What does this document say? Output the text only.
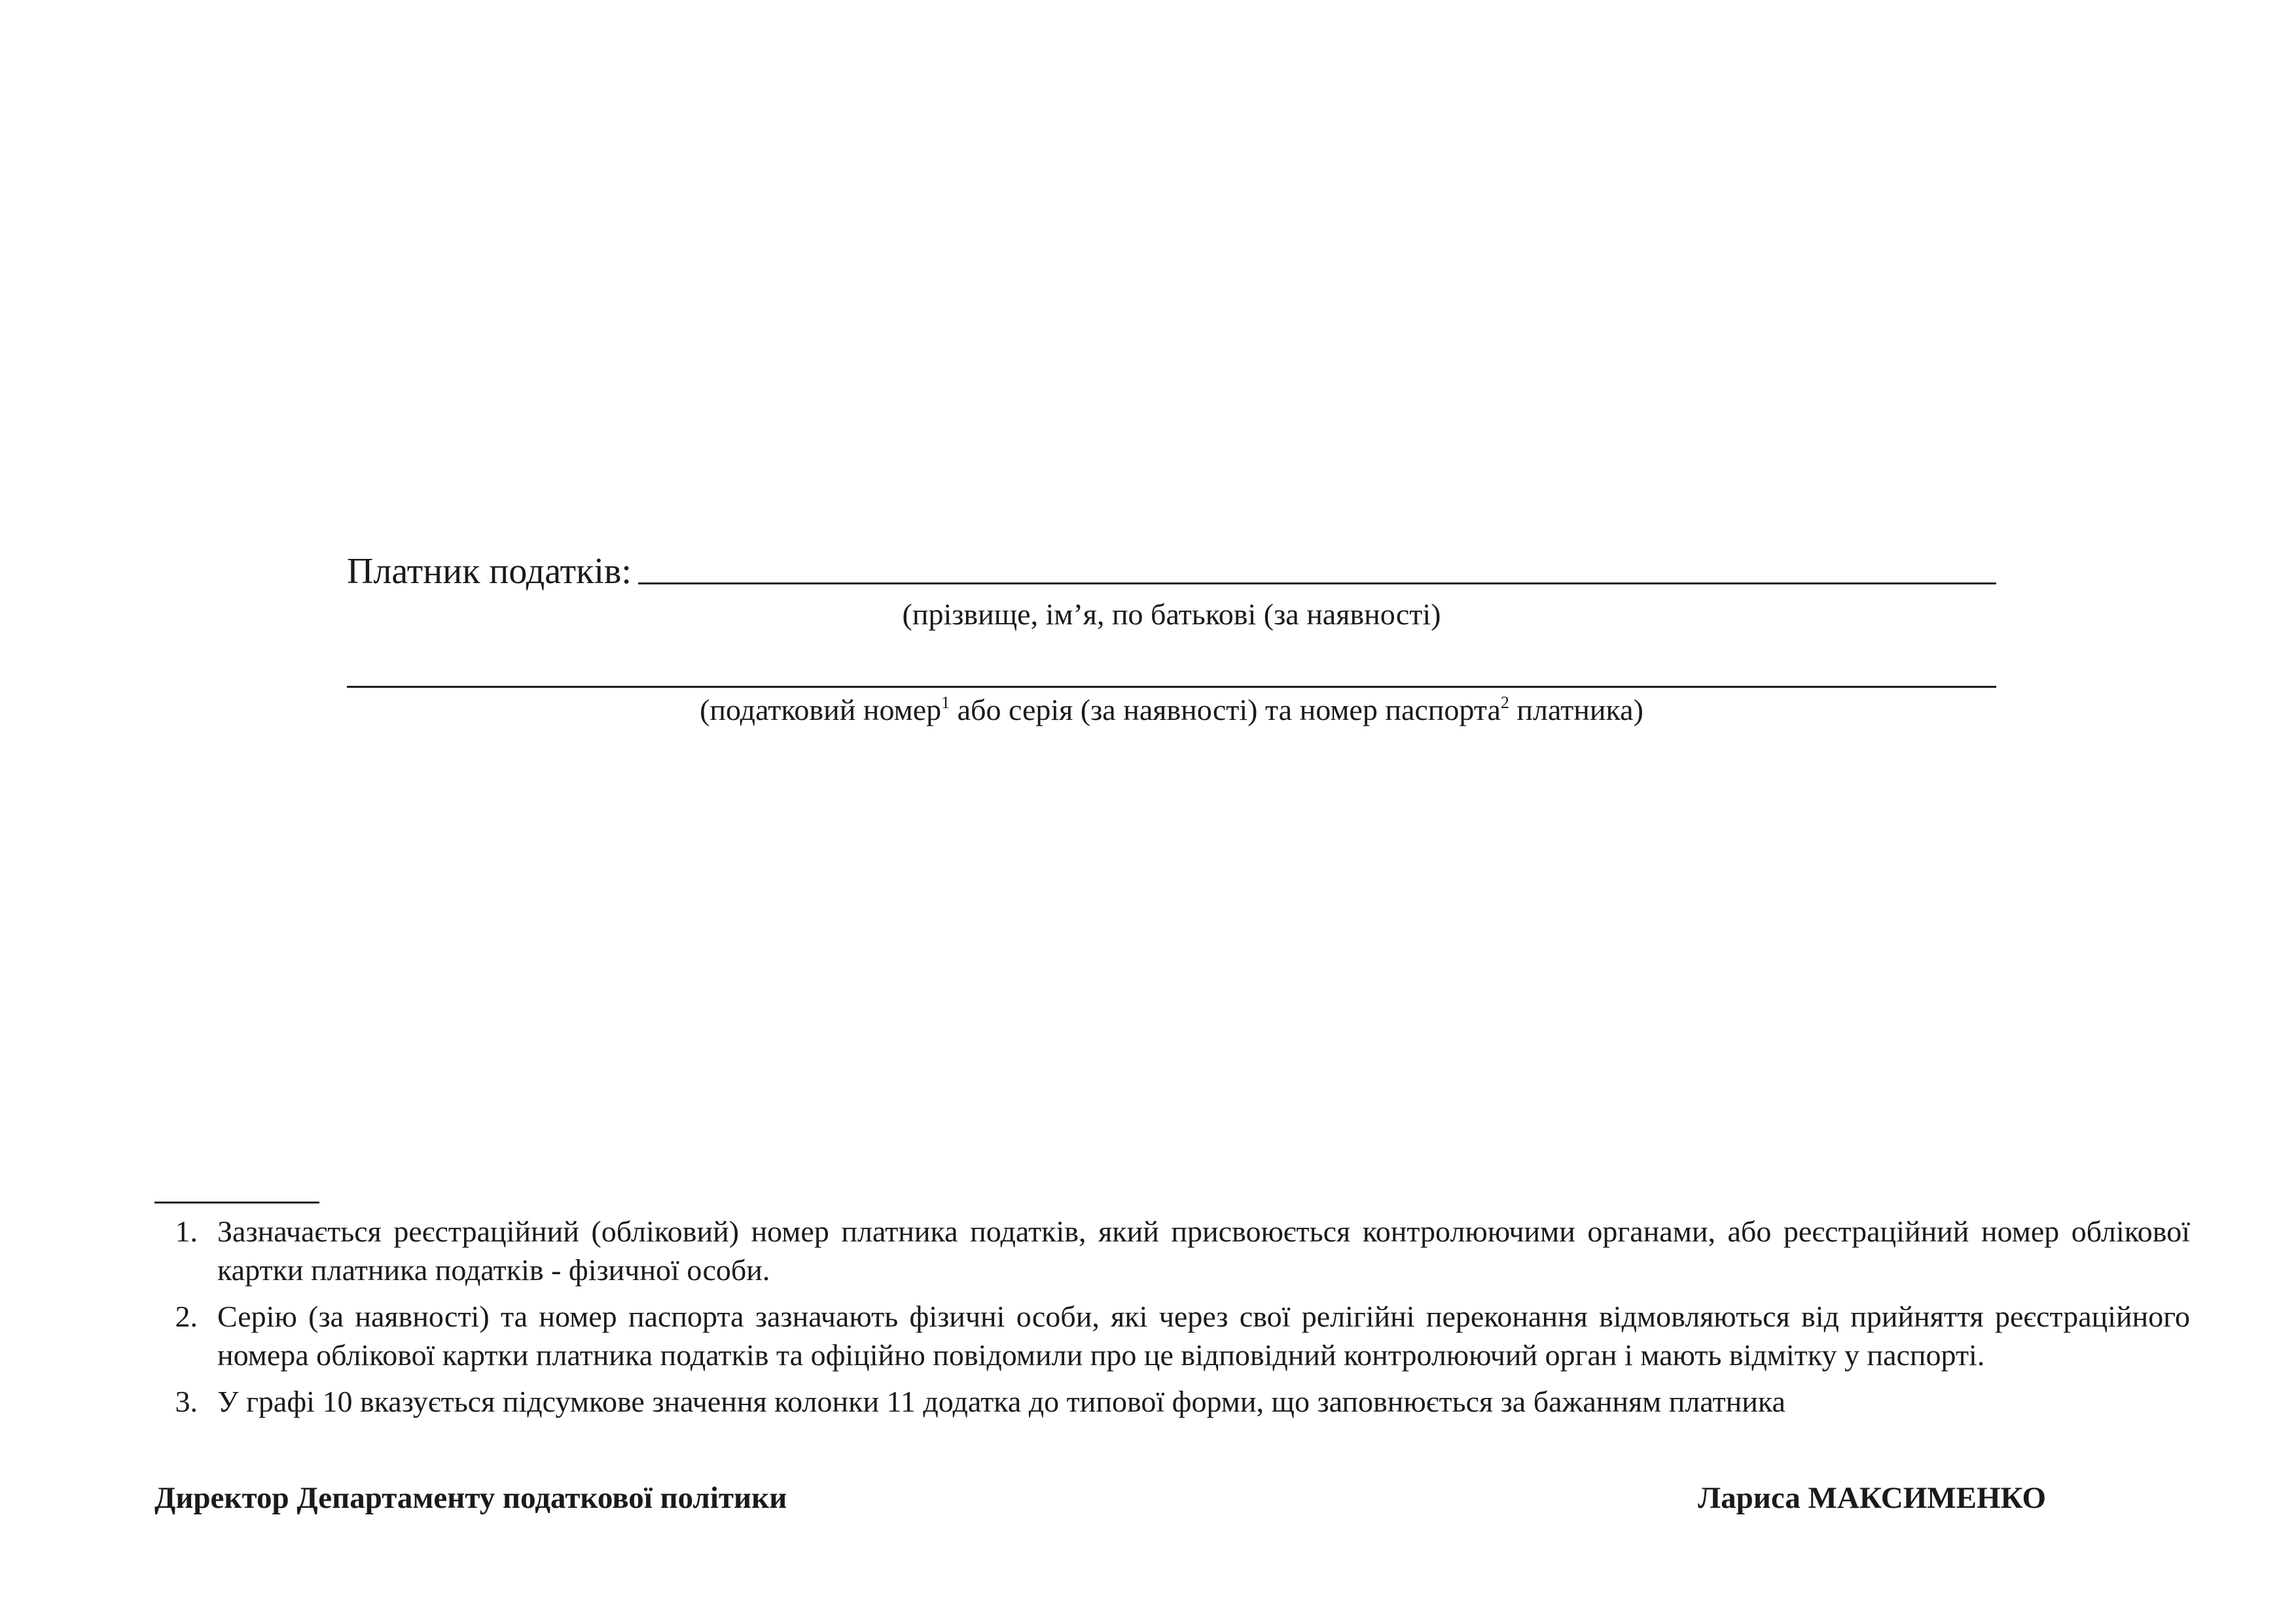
Платник податків:
(прізвище, ім’я, по батькові (за наявності)
(податковий номер$^1$ або серія (за наявності) та номер паспорта$^2$ платника)
1. Зазначається реєстраційний (обліковий) номер платника податків, який присвоюється контролюючими органами, або реєстраційний номер облікової картки платника податків - фізичної особи.
2. Серію (за наявності) та номер паспорта зазначають фізичні особи, які через свої релігійні переконання відмовляються від прийняття реєстраційного номера облікової картки платника податків та офіційно повідомили про це відповідний контролюючий орган і мають відмітку у паспорті.
3. У графі 10 вказується підсумкове значення колонки 11 додатка до типової форми, що заповнюється за бажанням платника
Директор Департаменту податкової політики	Лариса МАКСИМЕНКО
